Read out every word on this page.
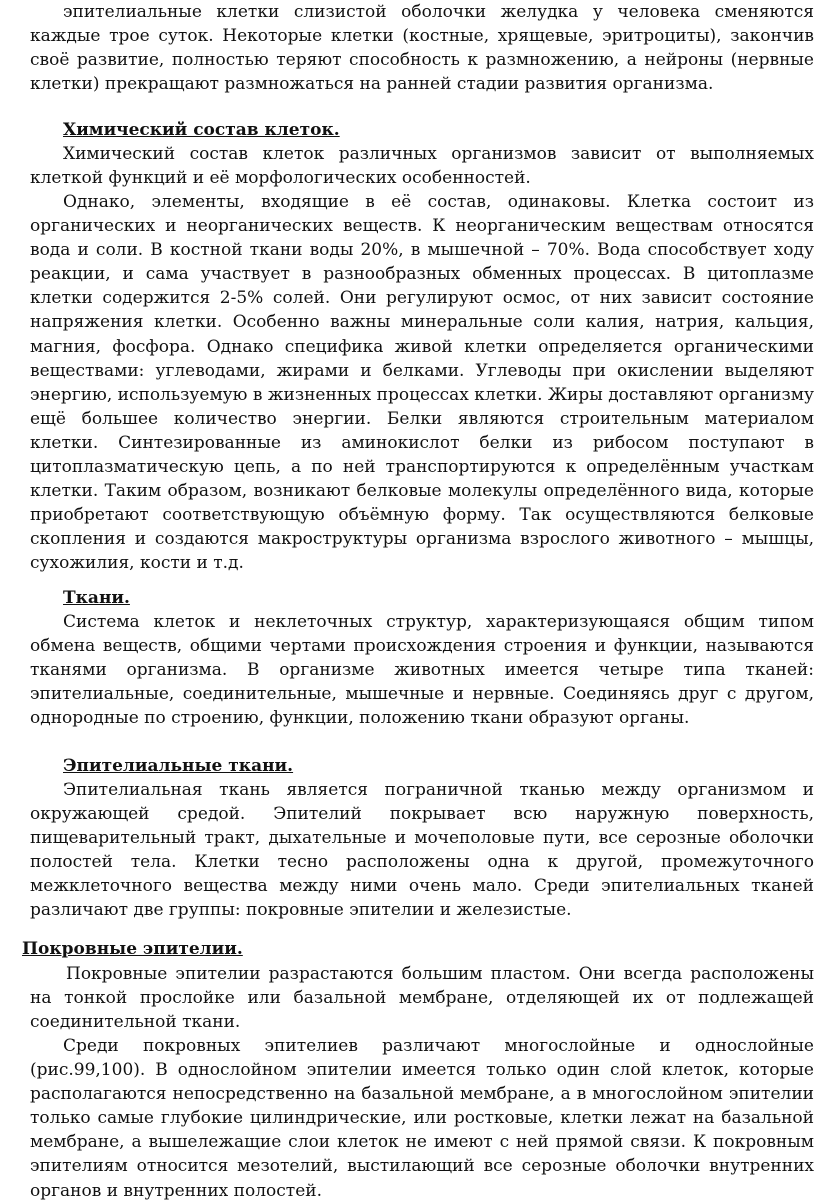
эпителиальные клетки слизистой оболочки желудка у человека сменяются каждые трое суток. Некоторые клетки (костные, хрящевые, эритроциты), закончив своё развитие, полностью теряют способность к размножению, а нейроны (нервные клетки) прекращают размножаться на ранней стадии развития организма.

Химический состав клеток.

Химический состав клеток различных организмов зависит от выполняемых клеткой функций и её морфологических особенностей.

Однако, элементы, входящие в её состав, одинаковы. Клетка состоит из органических и неорганических веществ. К неорганическим веществам относятся вода и соли. В костной ткани воды 20%, в мышечной – 70%. Вода способствует ходу реакции, и сама участвует в разнообразных обменных процессах. В цитоплазме клетки содержится 2-5% солей. Они регулируют осмос, от них зависит состояние напряжения клетки. Особенно важны минеральные соли калия, натрия, кальция, магния, фосфора. Однако специфика живой клетки определяется органическими веществами: углеводами, жирами и белками. Углеводы при окислении выделяют энергию, используемую в жизненных процессах клетки. Жиры доставляют организму ещё большее количество энергии. Белки являются строительным материалом клетки. Синтезированные из аминокислот белки из рибосом поступают в цитоплазматическую цепь, а по ней транспортируются к определённым участкам клетки. Таким образом, возникают белковые молекулы определённого вида, которые приобретают соответствующую объёмную форму. Так осуществляются белковые скопления и создаются макроструктуры организма взрослого животного – мышцы, сухожилия, кости и т.д.

Ткани.

Система клеток и неклеточных структур, характеризующаяся общим типом обмена веществ, общими чертами происхождения строения и функции, называются тканями организма. В организме животных имеется четыре типа тканей: эпителиальные, соединительные, мышечные и нервные. Соединяясь друг с другом, однородные по строению, функции, положению ткани образуют органы.

Эпителиальные ткани.

Эпителиальная ткань является пограничной тканью между организмом и окружающей средой. Эпителий покрывает всю наружную поверхность, пищеварительный тракт, дыхательные и мочеполовые пути, все серозные оболочки полостей тела. Клетки тесно расположены одна к другой, промежуточного межклеточного вещества между ними очень мало. Среди эпителиальных тканей различают две группы: покровные эпителии и железистые.

Покровные эпителии.

Покровные эпителии разрастаются большим пластом. Они всегда расположены на тонкой прослойке или базальной мембране, отделяющей их от подлежащей соединительной ткани.

Среди покровных эпителиев различают многослойные и однослойные (рис.99,100). В однослойном эпителии имеется только один слой клеток, которые располагаются непосредственно на базальной мембране, а в многослойном эпителии только самые глубокие цилиндрические, или ростковые, клетки лежат на базальной мембране, а вышележащие слои клеток не имеют с ней прямой связи. К покровным эпителиям относится мезотелий, выстилающий все серозные оболочки внутренних органов и внутренних полостей.
